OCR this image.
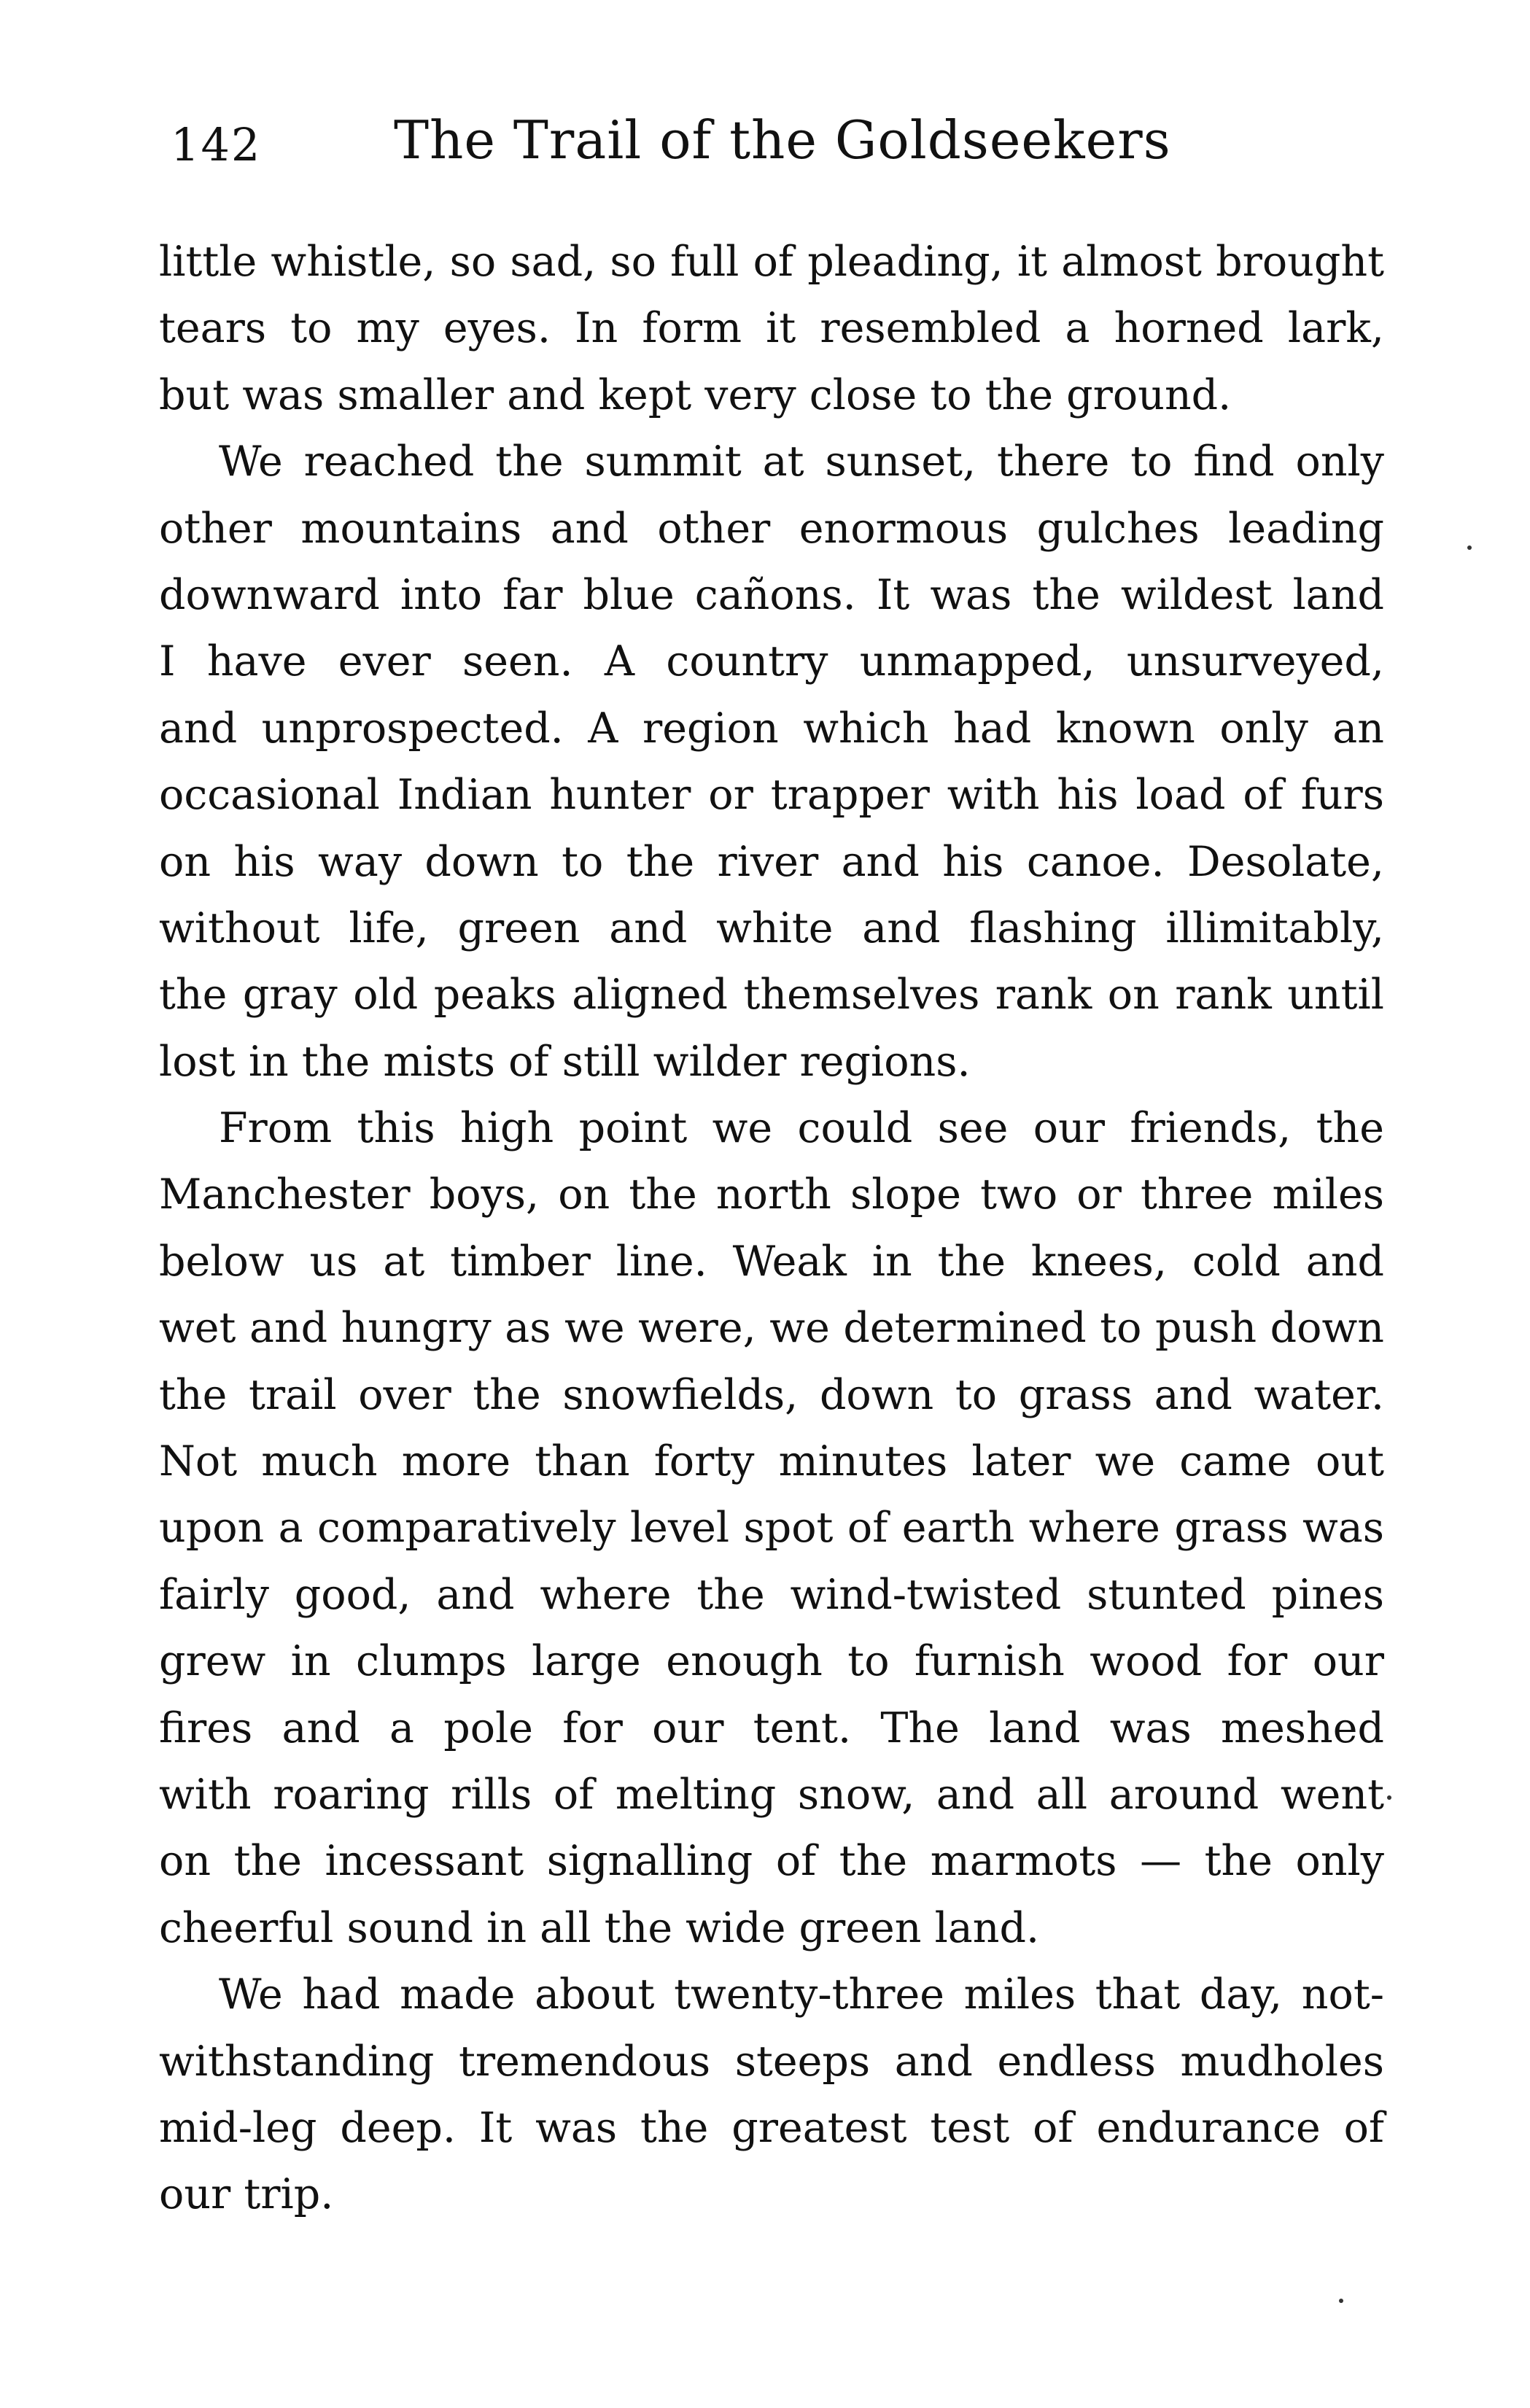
142	The Trail of the Goldseekers
little whistle, so sad, so full of pleading, it almost brought
tears to my eyes. In form it resembled a horned lark,
but was smaller and kept very close to the ground.
We reached the summit at sunset, there to find only
other mountains and other enormous gulches leading
downward into far blue cañons. It was the wildest land
I have ever seen. A country unmapped, unsurveyed,
and unprospected. A region which had known only an
occasional Indian hunter or trapper with his load of furs
on his way down to the river and his canoe. Desolate,
without life, green and white and flashing illimitably,
the gray old peaks aligned themselves rank on rank until
lost in the mists of still wilder regions.
From this high point we could see our friends, the
Manchester boys, on the north slope two or three miles
below us at timber line. Weak in the knees, cold and
wet and hungry as we were, we determined to push down
the trail over the snowfields, down to grass and water.
Not much more than forty minutes later we came out
upon a comparatively level spot of earth where grass was
fairly good, and where the wind-twisted stunted pines
grew in clumps large enough to furnish wood for our
fires and a pole for our tent. The land was meshed
with roaring rills of melting snow, and all around went
on the incessant signalling of the marmots — the only
cheerful sound in all the wide green land.
We had made about twenty-three miles that day, not-
withstanding tremendous steeps and endless mudholes
mid-leg deep. It was the greatest test of endurance of
our trip.
